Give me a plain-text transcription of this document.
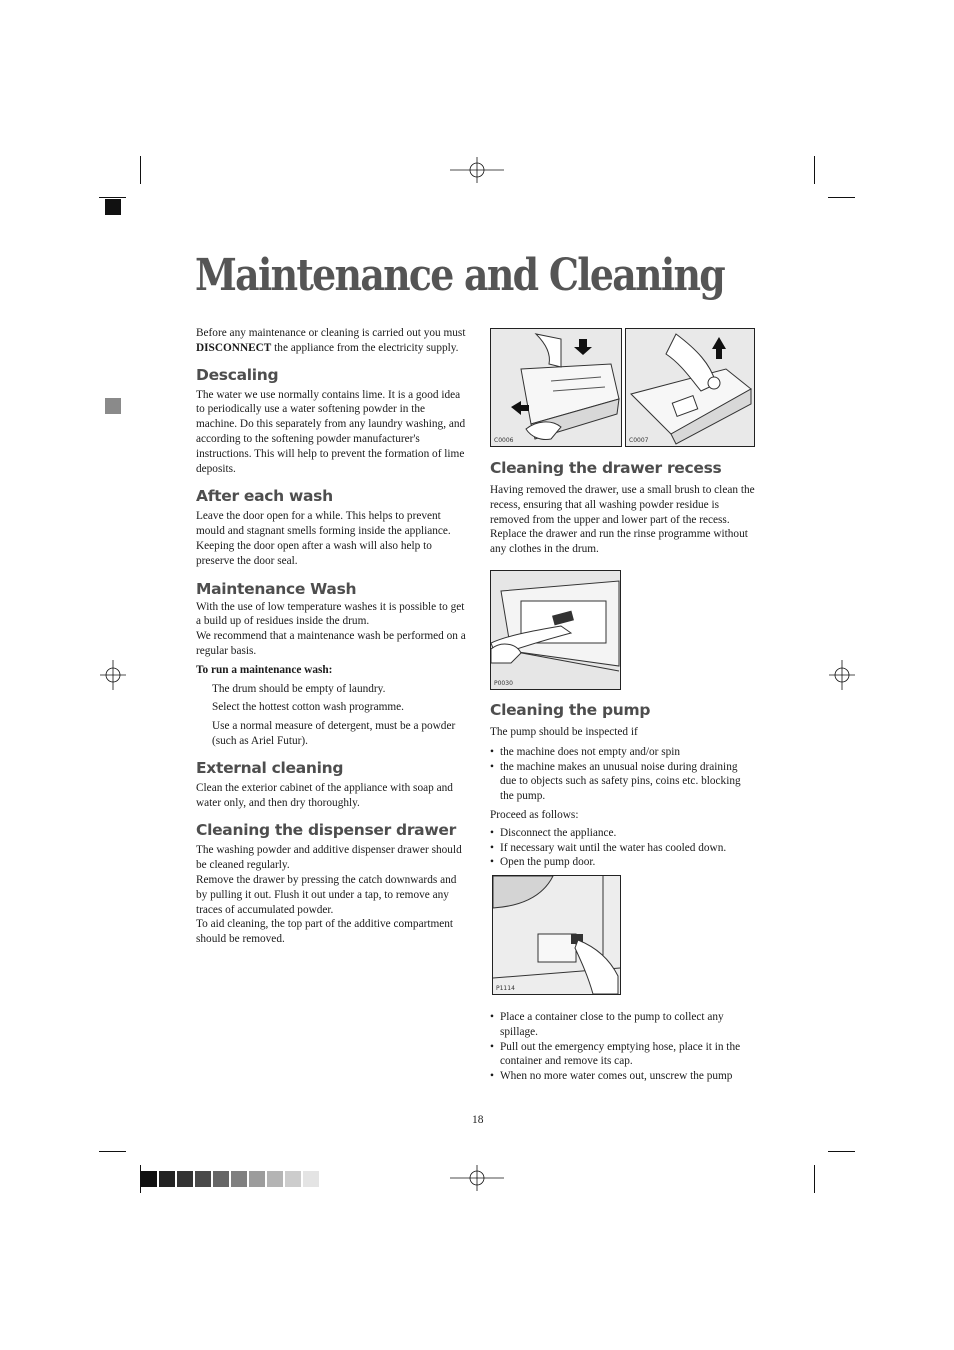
Maintenance and Cleaning

Before any maintenance or cleaning is carried out you must DISCONNECT the appliance from the electricity supply.

Descaling

The water we use normally contains lime. It is a good idea to periodically use a water softening powder in the machine. Do this separately from any laundry washing, and according to the softening powder manufacturer's instructions. This will help to prevent the formation of lime deposits.

After each wash

Leave the door open for a while. This helps to prevent mould and stagnant smells forming inside the appliance. Keeping the door open after a wash will also help to preserve the door seal.

Maintenance Wash

With the use of low temperature washes it is possible to get a build up of residues inside the drum.

We recommend that a maintenance wash be performed on a regular basis.

To run a maintenance wash:

The drum should be empty of laundry.

Select the hottest cotton wash programme.

Use a normal measure of detergent, must be a powder (such as Ariel Futur).

External cleaning

Clean the exterior cabinet of the appliance with soap and water only, and then dry thoroughly.

Cleaning the dispenser drawer

The washing powder and additive dispenser drawer should be cleaned regularly.

Remove the drawer by pressing the catch downwards and by pulling it out. Flush it out under a tap, to remove any traces of accumulated powder.

To aid cleaning, the top part of the additive compartment should be removed.

C0006	C0007
Cleaning the drawer recess

Having removed the drawer, use a small brush to clean the recess, ensuring that all washing powder residue is removed from the upper and lower part of the recess. Replace the drawer and run the rinse programme without any clothes in the drum.

P0030
Cleaning the pump

The pump should be inspected if

• the machine does not empty and/or spin

• the machine makes an unusual noise during draining due to objects such as safety pins, coins etc. blocking the pump.

Proceed as follows:

• Disconnect the appliance.

• If necessary wait until the water has cooled down.

• Open the pump door.

P1114

• Place a container close to the pump to collect any spillage.

• Pull out the emergency emptying hose, place it in the container and remove its cap.

• When no more water comes out, unscrew the pump

18
